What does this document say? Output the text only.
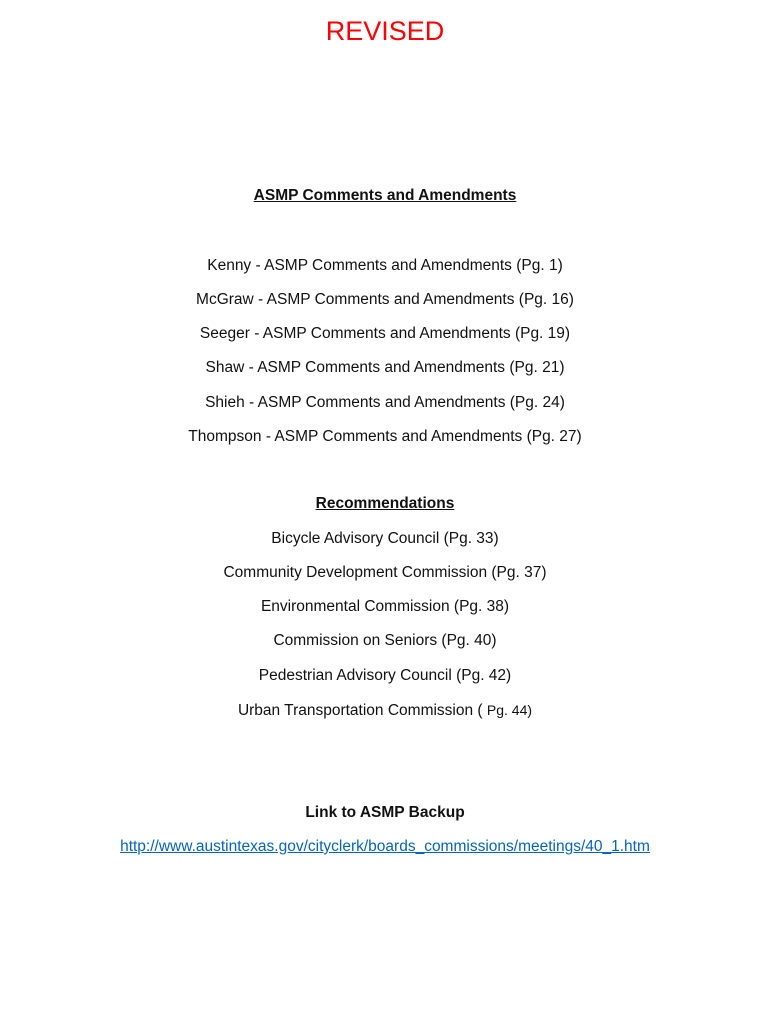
REVISED
ASMP Comments and Amendments
Kenny - ASMP Comments and Amendments (Pg. 1)
McGraw - ASMP Comments and Amendments (Pg. 16)
Seeger - ASMP Comments and Amendments (Pg. 19)
Shaw - ASMP Comments and Amendments (Pg. 21)
Shieh - ASMP Comments and Amendments (Pg. 24)
Thompson - ASMP Comments and Amendments (Pg. 27)
Recommendations
Bicycle Advisory Council (Pg. 33)
Community Development Commission (Pg. 37)
Environmental Commission (Pg. 38)
Commission on Seniors (Pg. 40)
Pedestrian Advisory Council (Pg. 42)
Urban Transportation Commission ( Pg. 44)
Link to ASMP Backup
http://www.austintexas.gov/cityclerk/boards_commissions/meetings/40_1.htm
